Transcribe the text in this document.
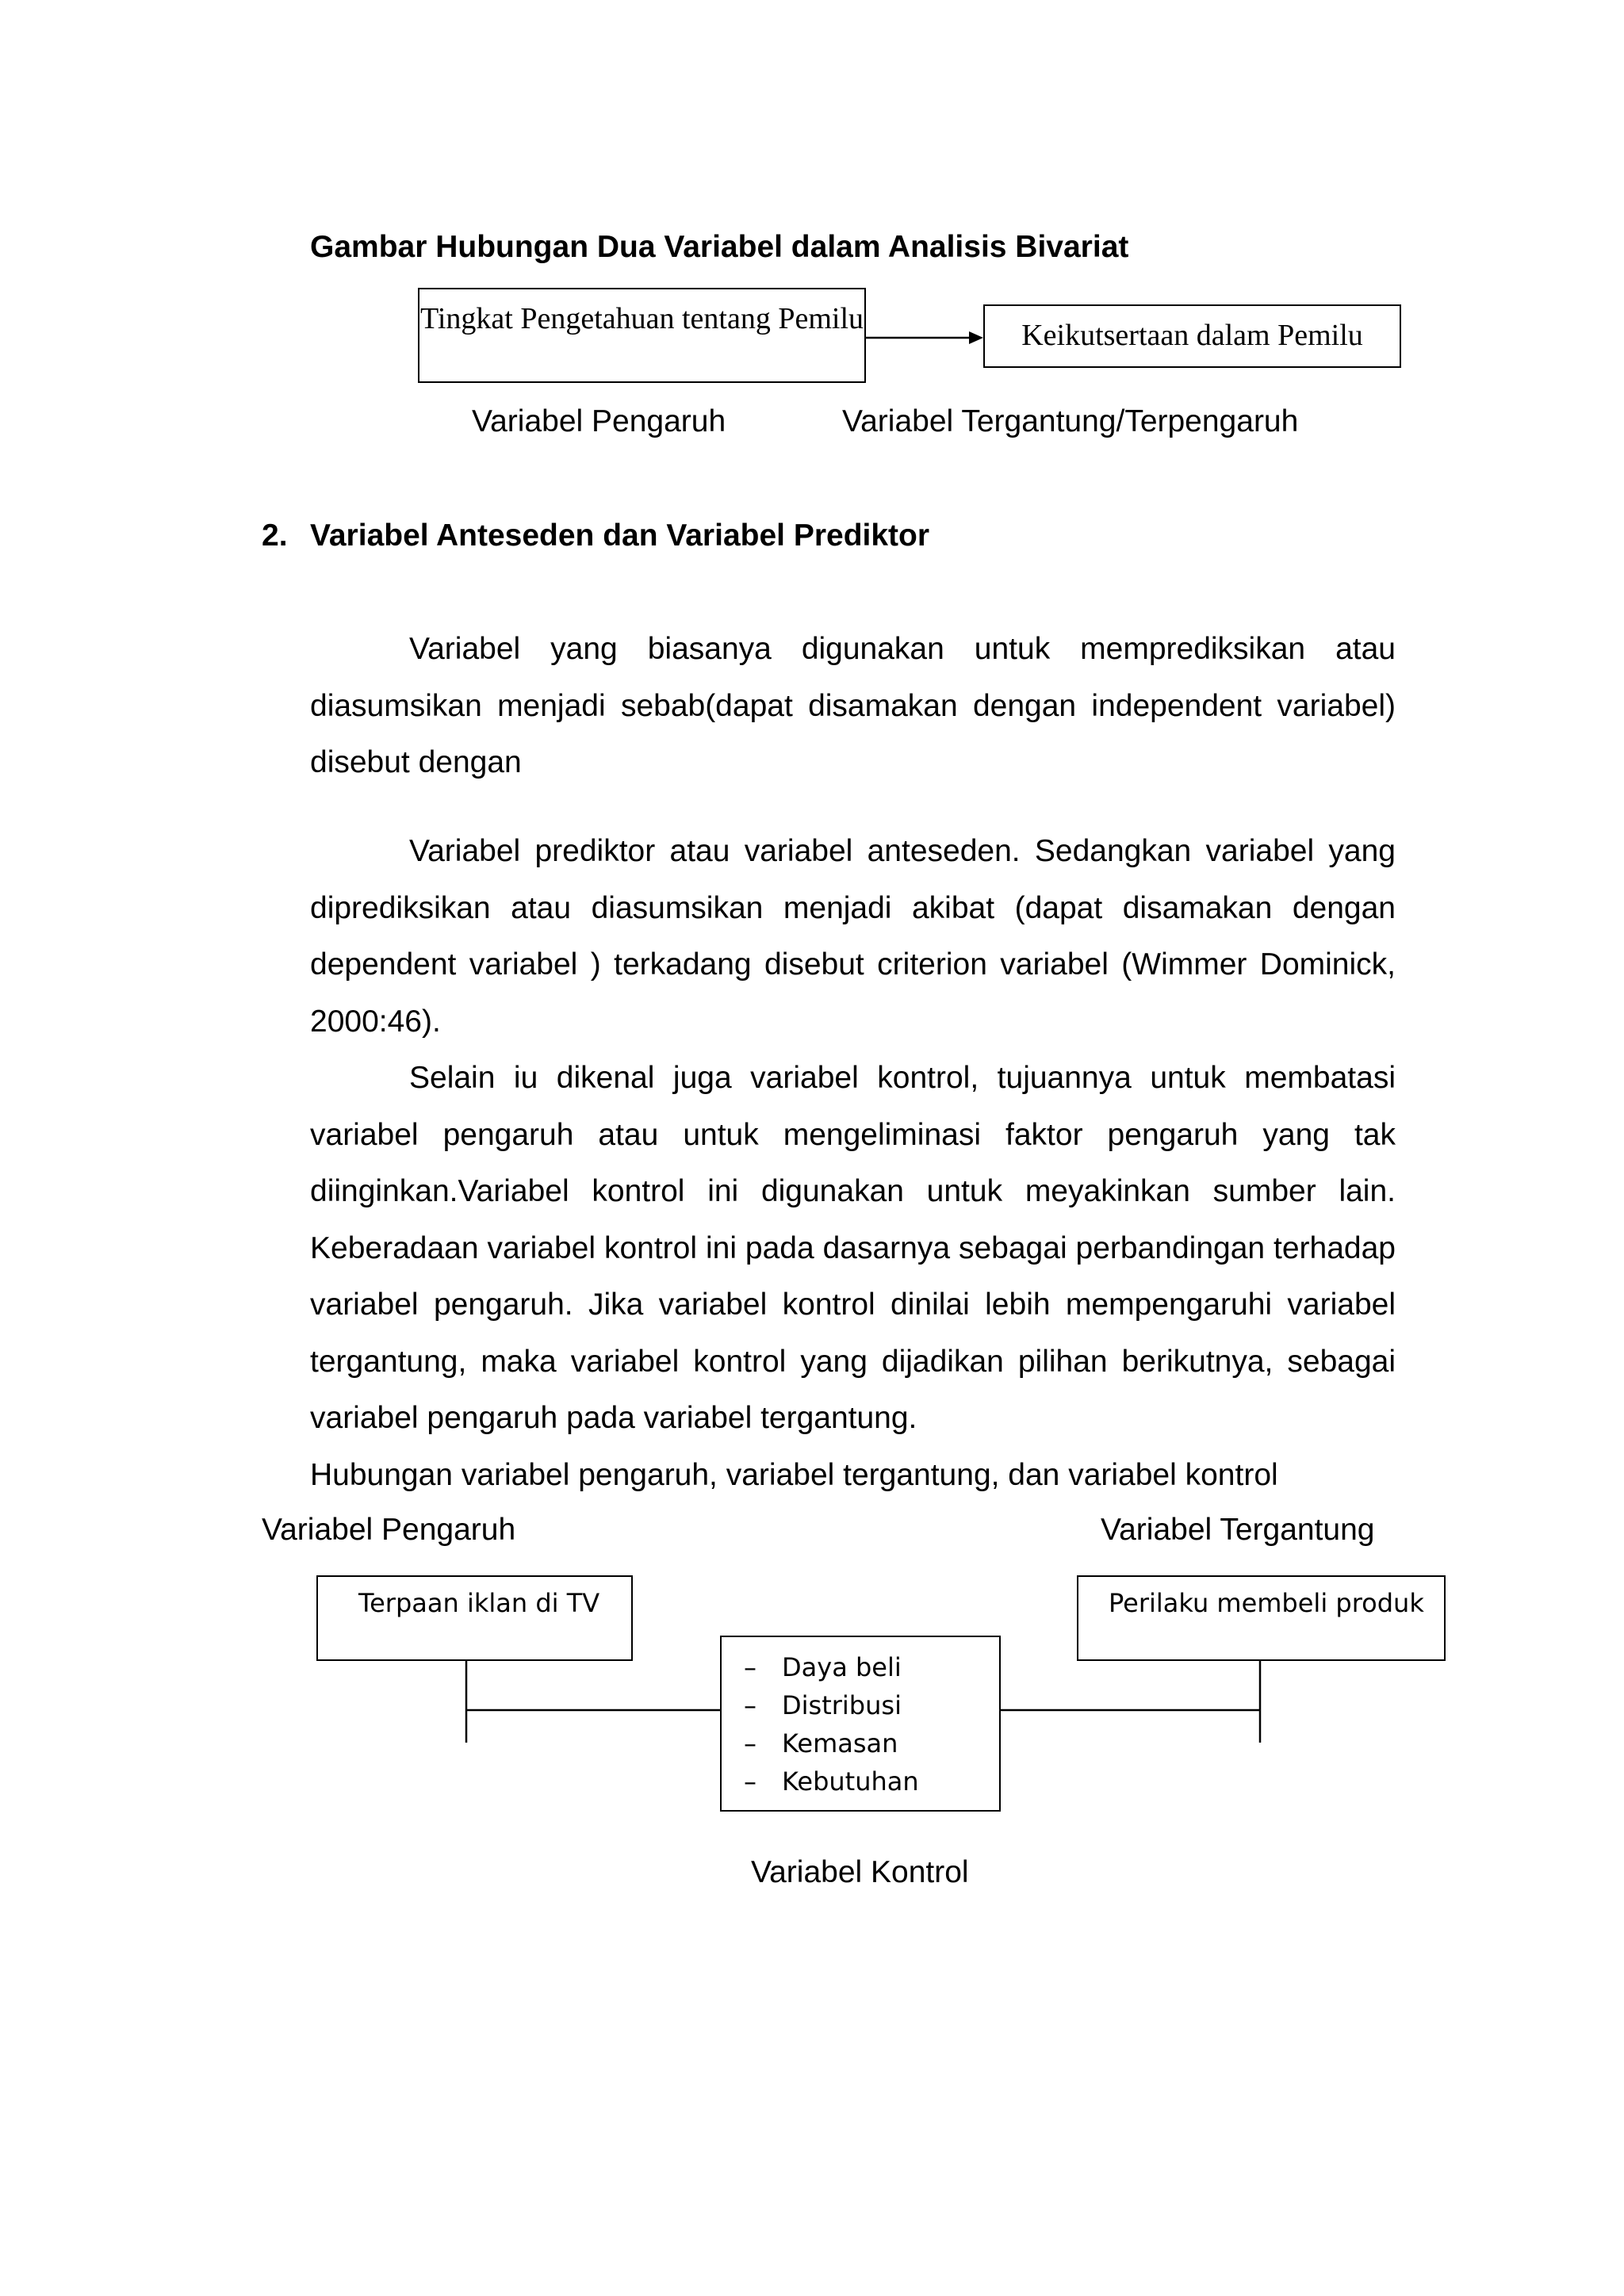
Gambar Hubungan Dua Variabel dalam Analisis Bivariat
Tingkat Pengetahuan tentang Pemilu	Keikutsertaan dalam Pemilu
Variabel Pengaruh	Variabel Tergantung/Terpengaruh
2. Variabel Anteseden dan Variabel Prediktor

Variabel yang biasanya digunakan untuk memprediksikan atau diasumsikan menjadi sebab(dapat disamakan dengan independent variabel) disebut dengan

Variabel prediktor atau variabel anteseden. Sedangkan variabel yang diprediksikan atau diasumsikan menjadi akibat (dapat disamakan dengan dependent variabel ) terkadang disebut criterion variabel (Wimmer Dominick, 2000:46).

Selain iu dikenal juga variabel kontrol, tujuannya untuk membatasi variabel pengaruh atau untuk mengeliminasi faktor pengaruh yang tak diinginkan.Variabel kontrol ini digunakan untuk meyakinkan sumber lain. Keberadaan variabel kontrol ini pada dasarnya sebagai perbandingan terhadap variabel pengaruh. Jika variabel kontrol dinilai lebih mempengaruhi variabel tergantung, maka variabel kontrol yang dijadikan pilihan berikutnya, sebagai variabel pengaruh pada variabel tergantung.

Hubungan variabel pengaruh, variabel tergantung, dan variabel kontrol

Variabel Pengaruh	Variabel Tergantung
Terpaan iklan di TV	Perilaku membeli produk
– Daya beli
– Distribusi
– Kemasan
– Kebutuhan
Variabel Kontrol
